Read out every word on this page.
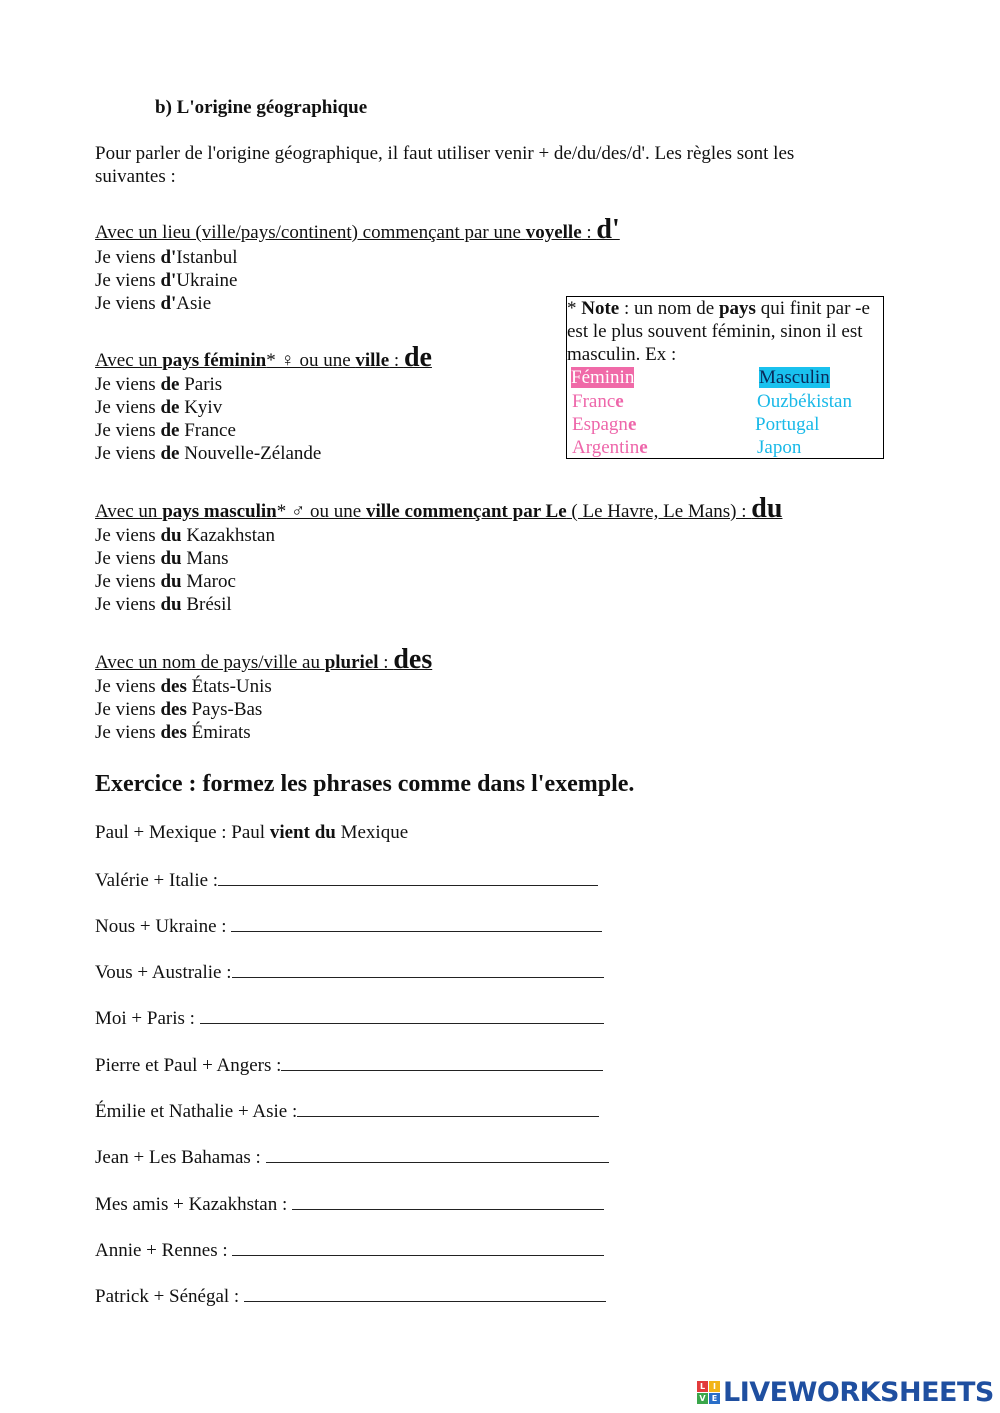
b) L'origine géographique
Pour parler de l'origine géographique, il faut utiliser venir + de/du/des/d'. Les règles sont les suivantes :
Avec un lieu (ville/pays/continent) commençant par une voyelle : d'
Je viens d'Istanbul
Je viens d'Ukraine
Je viens d'Asie
Avec un pays féminin* ♀ ou une ville : de
Je viens de Paris
Je viens de Kyiv
Je viens de France
Je viens de Nouvelle-Zélande
* Note : un nom de pays qui finit par -e est le plus souvent féminin, sinon il est masculin. Ex :
Féminin	Masculin
France
Espagne
Argentine
Ouzbékistan
Portugal
Japon
Avec un pays masculin* ♂ ou une ville commençant par Le ( Le Havre, Le Mans) : du
Je viens du Kazakhstan
Je viens du Mans
Je viens du Maroc
Je viens du Brésil
Avec un nom de pays/ville au pluriel : des
Je viens des États-Unis
Je viens des Pays-Bas
Je viens des Émirats
Exercice : formez les phrases comme dans l'exemple.
Paul + Mexique : Paul vient du Mexique
Valérie + Italie :
Nous + Ukraine :
Vous + Australie :
Moi + Paris :
Pierre et Paul + Angers :
Émilie et Nathalie + Asie :
Jean + Les Bahamas :
Mes amis + Kazakhstan :
Annie + Rennes :
Patrick + Sénégal :
L I
V E LIVEWORKSHEETS
